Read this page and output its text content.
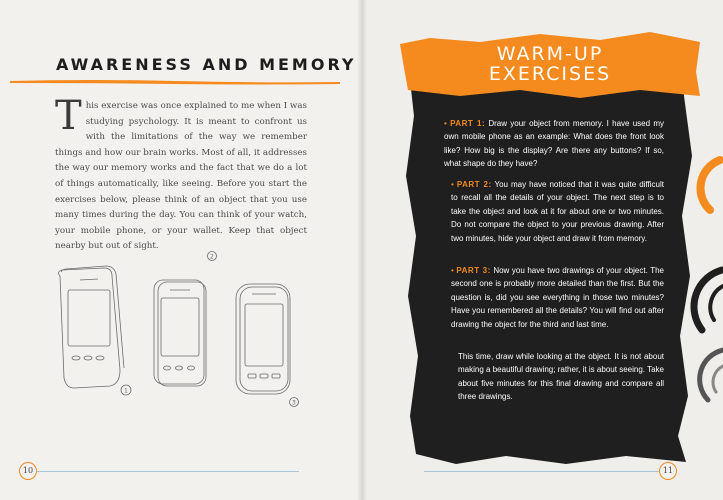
AWARENESS AND MEMORY
This exercise was once explained to me when I was studying psychology. It is meant to confront us with the limitations of the way we remember things and how our brain works. Most of all, it addresses the way our memory works and the fact that we do a lot of things automatically, like seeing. Before you start the exercises below, please think of an object that you use many times during the day. You can think of your watch, your mobile phone, or your wallet. Keep that object nearby but out of sight.
1
2
3
10
WARM-UP
EXERCISES
• PART 1: Draw your object from memory. I have used my own mobile phone as an example: What does the front look like? How big is the display? Are there any buttons? If so, what shape do they have?
• PART 2: You may have noticed that it was quite difficult to recall all the details of your object. The next step is to take the object and look at it for about one or two minutes. Do not compare the object to your previous drawing. After two minutes, hide your object and draw it from memory.
• PART 3: Now you have two drawings of your object. The second one is probably more detailed than the first. But the question is, did you see everything in those two minutes? Have you remembered all the details? You will find out after drawing the object for the third and last time.
This time, draw while looking at the object. It is not about making a beautiful drawing; rather, it is about seeing. Take about five minutes for this final drawing and compare all three drawings.
11
